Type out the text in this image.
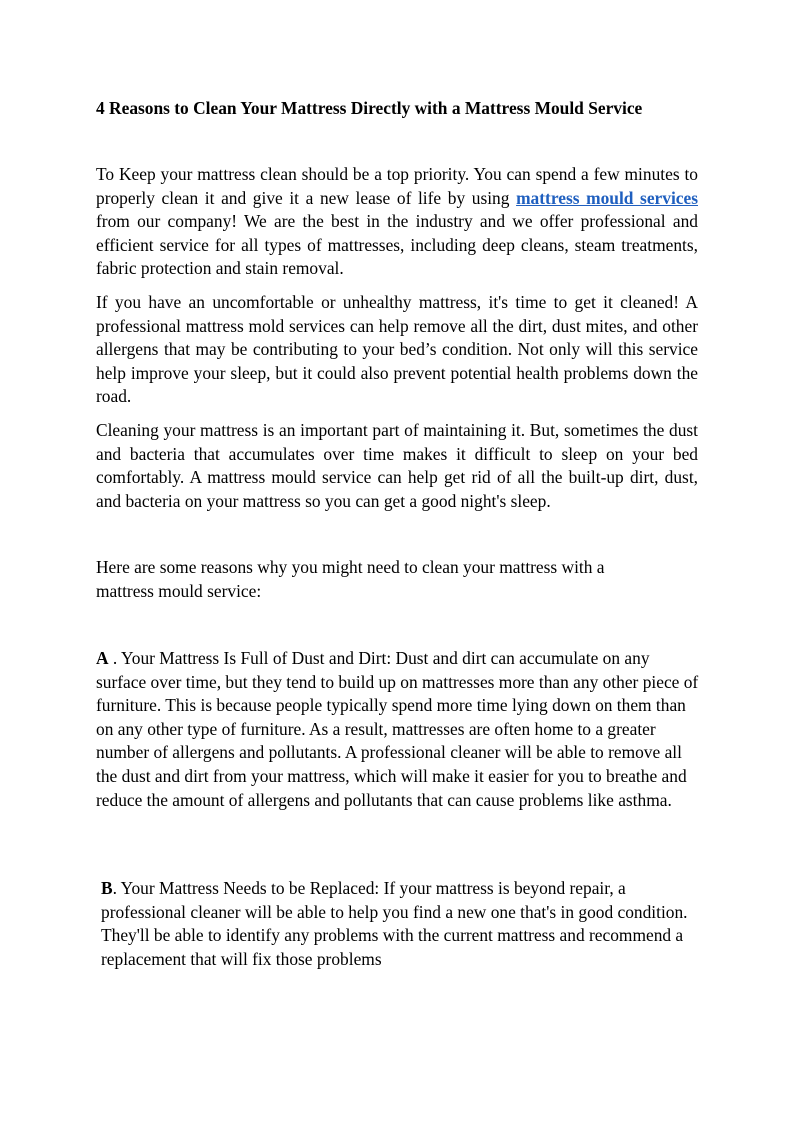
4 Reasons to Clean Your Mattress Directly with a Mattress Mould Service

To Keep your mattress clean should be a top priority. You can spend a few minutes to properly clean it and give it a new lease of life by using mattress mould services from our company! We are the best in the industry and we offer professional and efficient service for all types of mattresses, including deep cleans, steam treatments, fabric protection and stain removal.

If you have an uncomfortable or unhealthy mattress, it's time to get it cleaned! A professional mattress mold services can help remove all the dirt, dust mites, and other allergens that may be contributing to your bed’s condition. Not only will this service help improve your sleep, but it could also prevent potential health problems down the road.

Cleaning your mattress is an important part of maintaining it. But, sometimes the dust and bacteria that accumulates over time makes it difficult to sleep on your bed comfortably. A mattress mould service can help get rid of all the built-up dirt, dust, and bacteria on your mattress so you can get a good night's sleep.

Here are some reasons why you might need to clean your mattress with a mattress mould service:

A . Your Mattress Is Full of Dust and Dirt: Dust and dirt can accumulate on any surface over time, but they tend to build up on mattresses more than any other piece of furniture. This is because people typically spend more time lying down on them than on any other type of furniture. As a result, mattresses are often home to a greater number of allergens and pollutants. A professional cleaner will be able to remove all the dust and dirt from your mattress, which will make it easier for you to breathe and reduce the amount of allergens and pollutants that can cause problems like asthma.

B. Your Mattress Needs to be Replaced: If your mattress is beyond repair, a professional cleaner will be able to help you find a new one that's in good condition. They'll be able to identify any problems with the current mattress and recommend a replacement that will fix those problems
